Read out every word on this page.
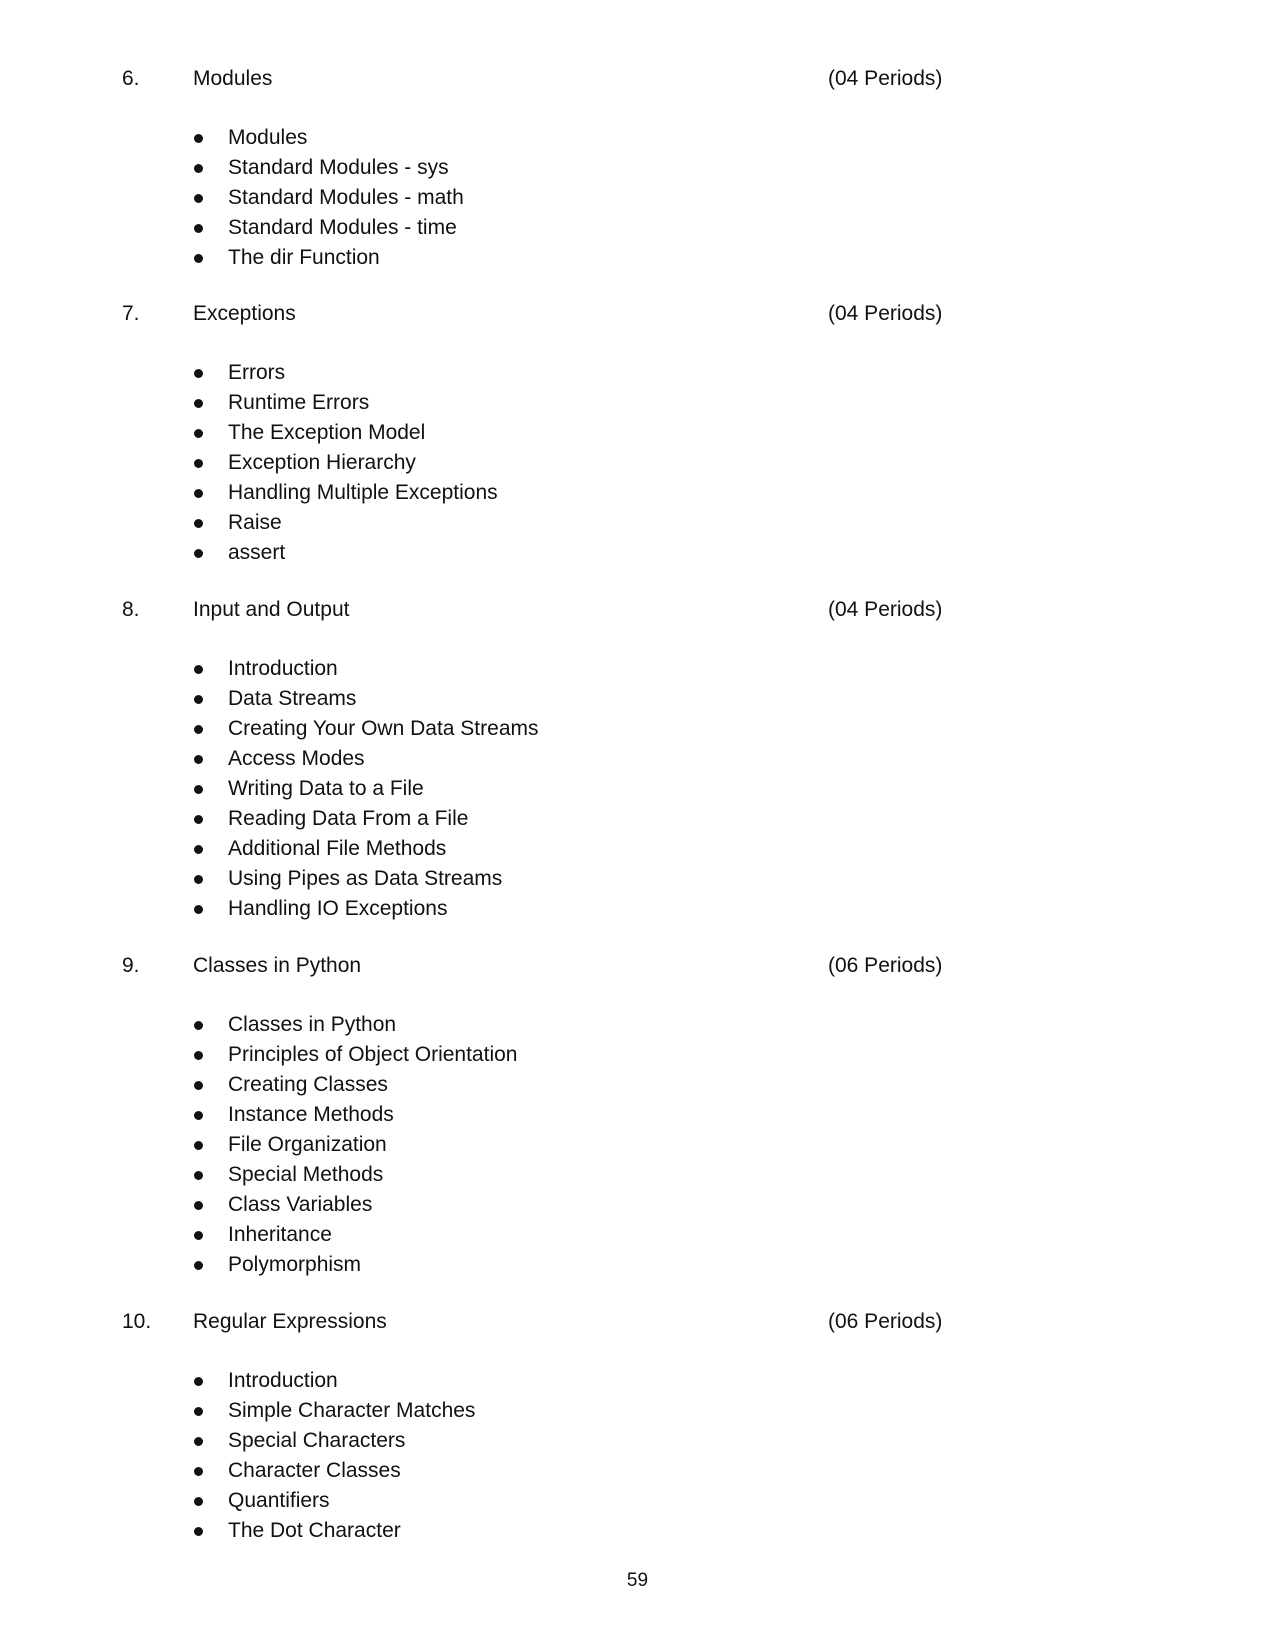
6.	Modules	(04 Periods)
Modules
Standard Modules - sys
Standard Modules - math
Standard Modules - time
The dir Function
7.	Exceptions	(04 Periods)
Errors
Runtime Errors
The Exception Model
Exception Hierarchy
Handling Multiple Exceptions
Raise
assert
8.	Input and Output	(04 Periods)
Introduction
Data Streams
Creating Your Own Data Streams
Access Modes
Writing Data to a File
Reading Data From a File
Additional File Methods
Using Pipes as Data Streams
Handling IO Exceptions
9.	Classes in Python	(06 Periods)
Classes in Python
Principles of Object Orientation
Creating Classes
Instance Methods
File Organization
Special Methods
Class Variables
Inheritance
Polymorphism
10. Regular Expressions	(06 Periods)
Introduction
Simple Character Matches
Special Characters
Character Classes
Quantifiers
The Dot Character
59
